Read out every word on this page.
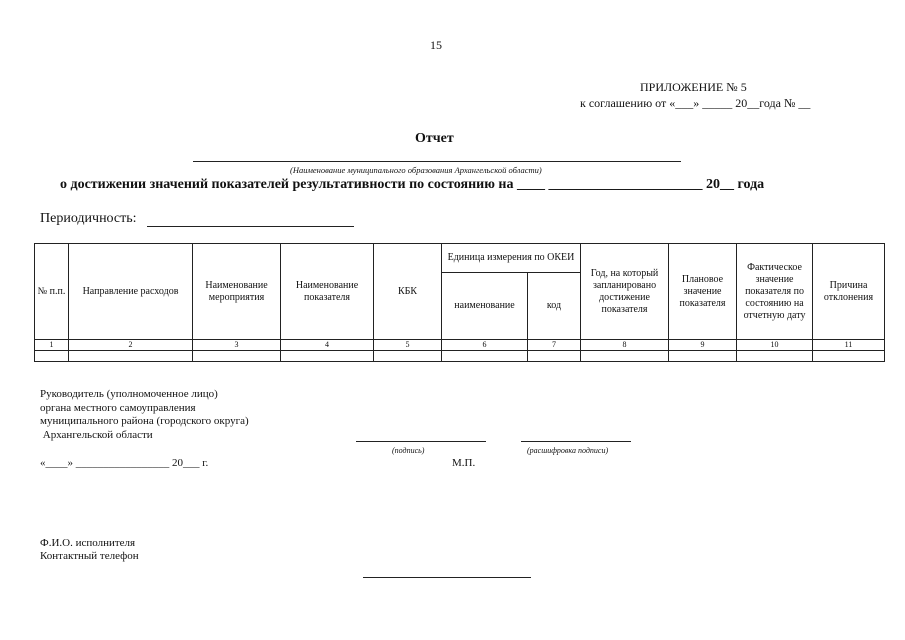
15
ПРИЛОЖЕНИЕ № 5
к соглашению от «___» _____ 20__года № __
Отчет
(Наименование муниципального образования Архангельской области)
о достижении значений показателей результативности по состоянию на ____ ______________________ 20__ года
Периодичность:
№ п.п.	Направление расходов	Наименование мероприятия	Наименование показателя	КБК	Единица измерения по ОКЕИ		Год, на который запланировано достижение показателя	Плановое значение показателя	Фактическое значение показателя по состоянию на отчетную дату	Причина отклонения
					наименование	код				
1	2	3	4	5	6	7	8	9	10	11

Руководитель (уполномоченное лицо)
органа местного самоуправления
муниципального района (городского округа)
Архангельской области
(подпись)	(расшифровка подписи)
«____» _________________ 20___ г.	М.П.
Ф.И.О. исполнителя
Контактный телефон
